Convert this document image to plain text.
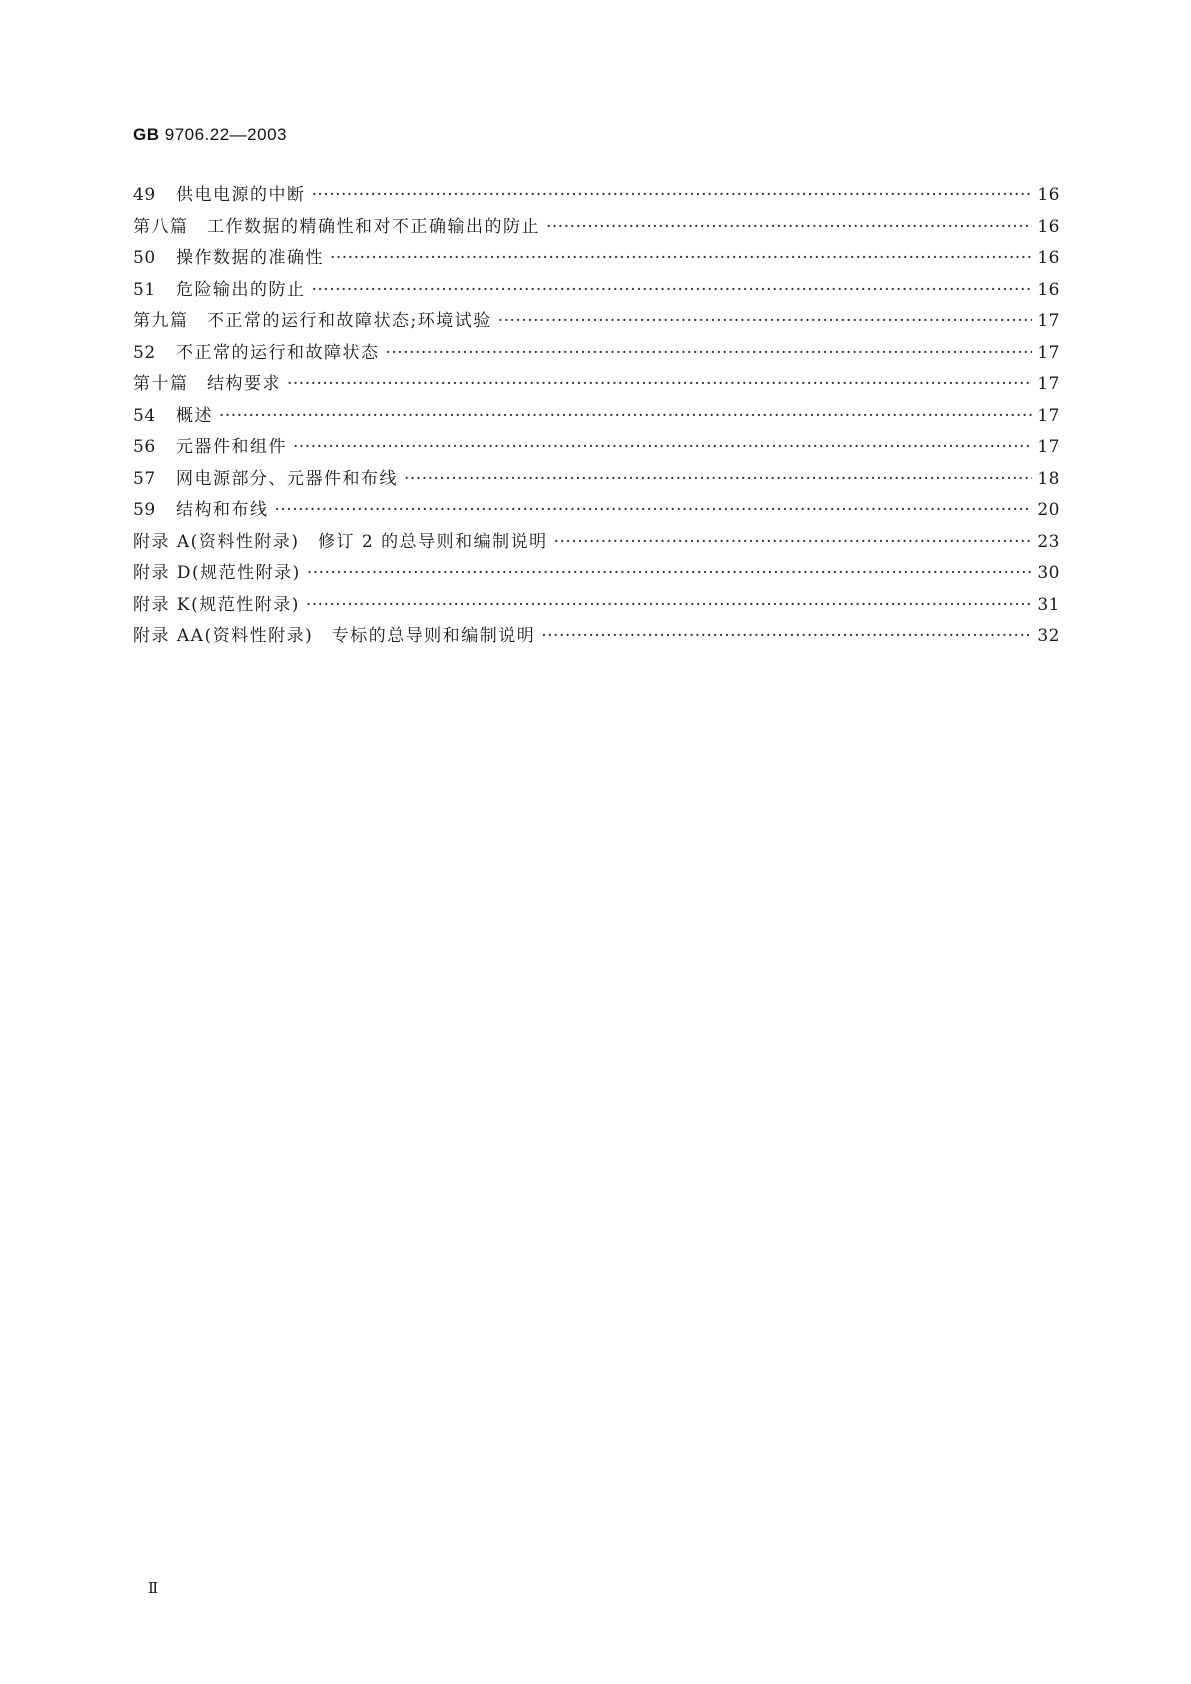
GB 9706.22—2003
49	供电电源的中断 ·····	16
第八篇　工作数据的精确性和对不正确输出的防止 ·····	16
50	操作数据的准确性 ·····	16
51	危险输出的防止 ·····	16
第九篇　不正常的运行和故障状态;环境试验 ·····	17
52	不正常的运行和故障状态 ·····	17
第十篇　结构要求 ·····	17
54	概述 ·····	17
56	元器件和组件 ·····	17
57	网电源部分、元器件和布线 ·····	18
59	结构和布线 ·····	20
附录 A(资料性附录)　修订 2 的总导则和编制说明 ·····	23
附录 D(规范性附录) ·····	30
附录 K(规范性附录) ·····	31
附录 AA(资料性附录)　专标的总导则和编制说明 ·····	32
Ⅱ
